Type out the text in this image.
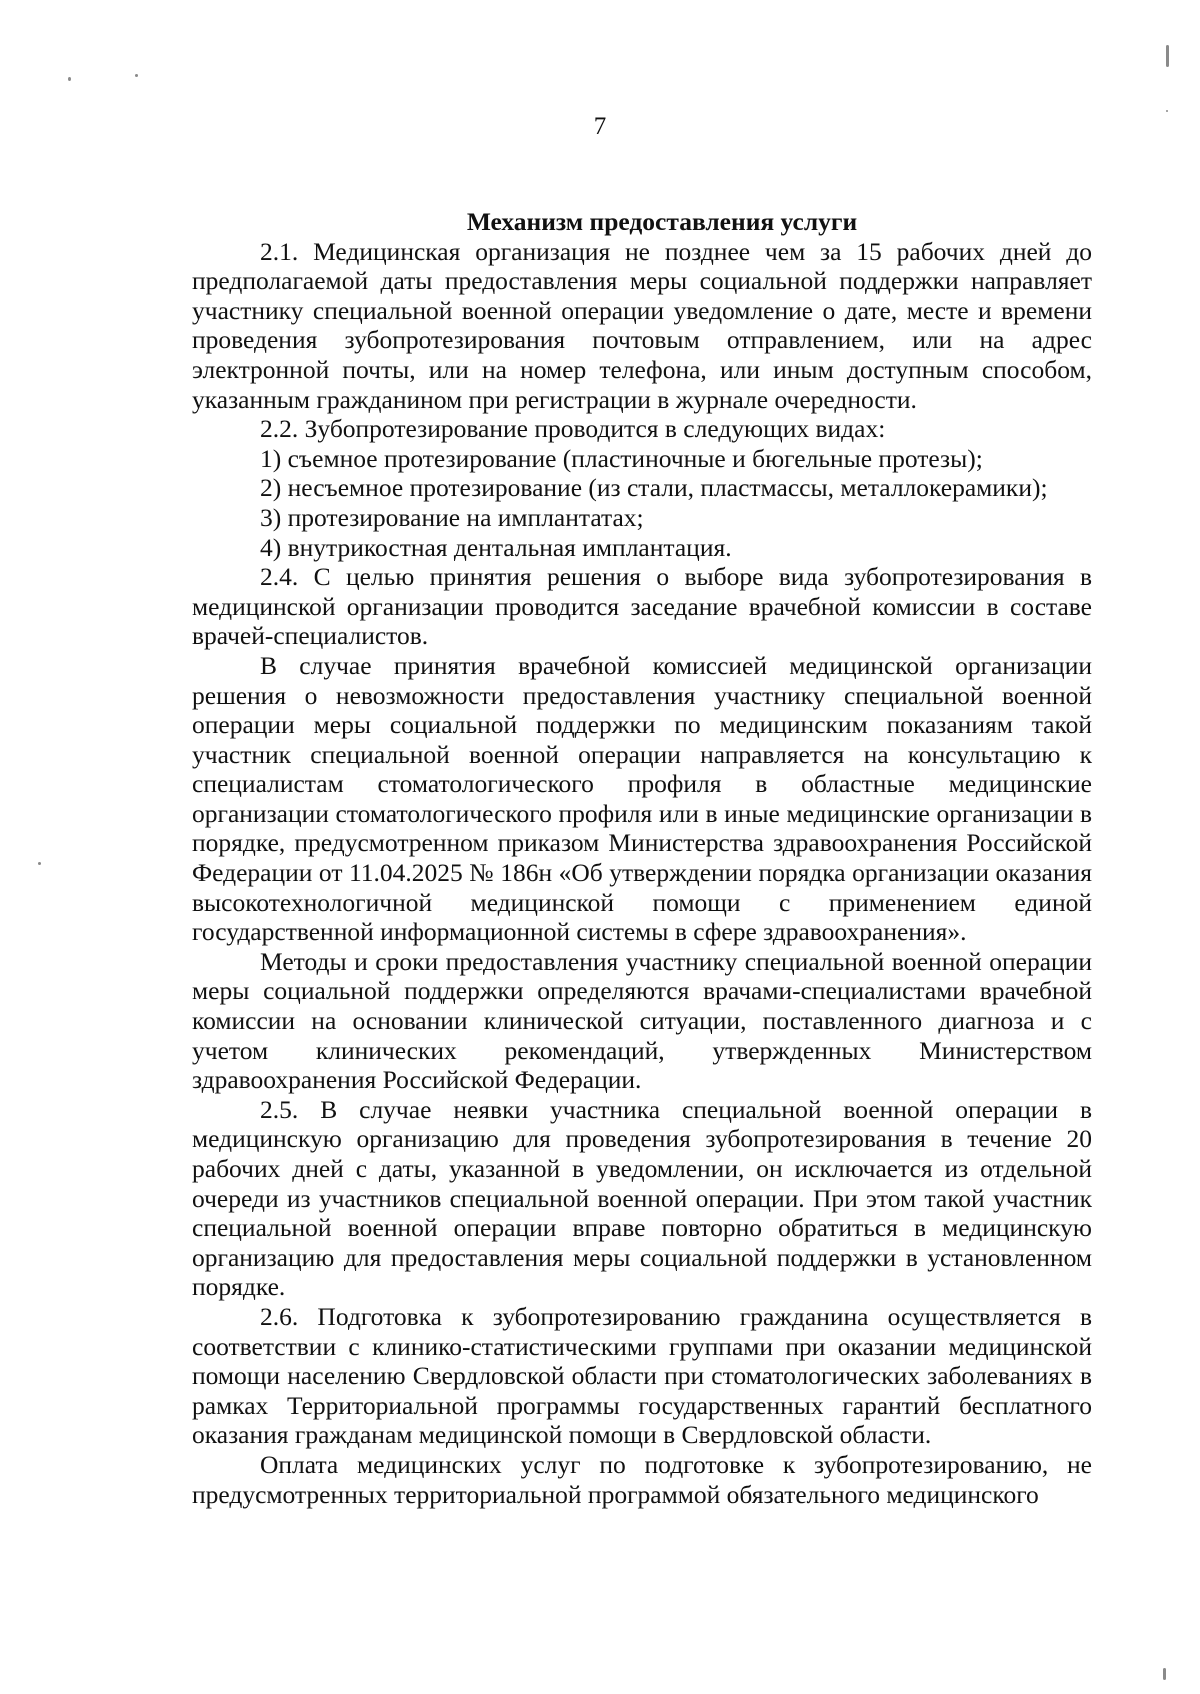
7
Механизм предоставления услуги

2.1. Медицинская организация не позднее чем за 15 рабочих дней до предполагаемой даты предоставления меры социальной поддержки направляет участнику специальной военной операции уведомление о дате, месте и времени проведения зубопротезирования почтовым отправлением, или на адрес электронной почты, или на номер телефона, или иным доступным способом, указанным гражданином при регистрации в журнале очередности.

2.2. Зубопротезирование проводится в следующих видах:

1) съемное протезирование (пластиночные и бюгельные протезы);

2) несъемное протезирование (из стали, пластмассы, металлокерамики);

3) протезирование на имплантатах;

4) внутрикостная дентальная имплантация.

2.4. С целью принятия решения о выборе вида зубопротезирования в медицинской организации проводится заседание врачебной комиссии в составе врачей-специалистов.

В случае принятия врачебной комиссией медицинской организации решения о невозможности предоставления участнику специальной военной операции меры социальной поддержки по медицинским показаниям такой участник специальной военной операции направляется на консультацию к специалистам стоматологического профиля в областные медицинские организации стоматологического профиля или в иные медицинские организации в порядке, предусмотренном приказом Министерства здравоохранения Российской Федерации от 11.04.2025 № 186н «Об утверждении порядка организации оказания высокотехнологичной медицинской помощи с применением единой государственной информационной системы в сфере здравоохранения».

Методы и сроки предоставления участнику специальной военной операции меры социальной поддержки определяются врачами-специалистами врачебной комиссии на основании клинической ситуации, поставленного диагноза и с учетом клинических рекомендаций, утвержденных Министерством здравоохранения Российской Федерации.

2.5. В случае неявки участника специальной военной операции в медицинскую организацию для проведения зубопротезирования в течение 20 рабочих дней с даты, указанной в уведомлении, он исключается из отдельной очереди из участников специальной военной операции. При этом такой участник специальной военной операции вправе повторно обратиться в медицинскую организацию для предоставления меры социальной поддержки в установленном порядке.

2.6. Подготовка к зубопротезированию гражданина осуществляется в соответствии с клинико-статистическими группами при оказании медицинской помощи населению Свердловской области при стоматологических заболеваниях в рамках Территориальной программы государственных гарантий бесплатного оказания гражданам медицинской помощи в Свердловской области.

Оплата медицинских услуг по подготовке к зубопротезированию, не предусмотренных территориальной программой обязательного медицинского
